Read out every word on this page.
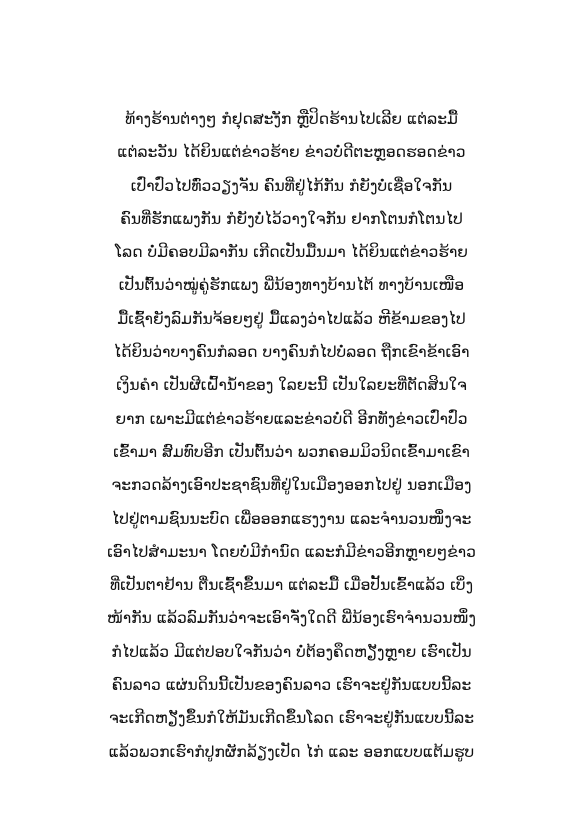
ທ້າງຮ້ານຕ່າງໆ ກໍຢຸດສະງັກ ຫຼືປິດຮ້ານໄປເລີຍ ແຕ່ລະມື້
ແຕ່ລະວັນ ໄດ້ຍິນແຕ່ຂ່າວຮ້າຍ ຂ່າວບໍ່ດີຕະຫຼອດຮອດຂ່າວ
ເປົ່າປົ່ວໄປທົ່ວວຽງຈັນ ຄົນທີ່ຢູ່ໄກ້ກັນ ກໍຍັງບໍ່ເຊື່ອໃຈກັນ
ຄົນທີ່ຮັກແພງກັນ ກໍຍັງບໍ່ໄວ້ວາງໃຈກັນ ຢາກໂຕນກໍໂຕນໄປ
ໂລດ ບໍ່ມີຄອບມີລາກັນ ເກີດເປັນມື້ນມາ ໄດ້ຍິນແຕ່ຂ່າວຮ້າຍ
ເປັນຕົ້ນວ່າໝູ່ຄູ່ຮັກແພງ ພີ່ນ້ອງທາງບ້ານໄຕ້ ທາງບ້ານເໜືອ
ມື້ເຊົ້າຍັງລົມກັນຈ້ອຍໆຢູ່ ມື້ແລງວ່າໄປແລ້ວ ຫີຂ້າມຂອງໄປ
ໄດ້ຍິນວ່າບາງຄົນກໍລອດ ບາງຄົນກໍໄປບໍ່ລອດ ຖືກເຂົາຂ້າເອົາ
ເງິນຄຳ ເປັນຜີເຝົ້ານ້ຳຂອງ ໃລຍະນີ້ ເປັນໃລຍະທີ່ຕັດສິນໃຈ
ຍາກ ເພາະມີແຕ່ຂ່າວຮ້າຍແລະຂ່າວບໍ່ດີ ອີກທັງຂ່າວເປົ່າປົ່ວ
ເຂົ້າມາ ສົມທົບອີກ ເປັນຕົ້ນວ່າ ພວກຄອມມິວນິດເຂົ້າມາເຂົາ
ຈະກວດລ້າງເອົາປະຊາຊົນທີ່ຢູ່ໃນເມືອງອອກໄປຢູ່ ນອກເມືອງ
ໄປຢູ່ຕາມຊົນນະບົດ ເພື່ອອອກແຮງງານ ແລະຈຳນວນໜຶ່ງຈະ
ເອົາໄປສຳມະນາ ໂດຍບໍ່ມີກຳນົດ ແລະກໍມີຂ່າວອີກຫຼາຍໆຂ່າວ
ທີ່ເປັນຕາຢ້ານ ຕື່ນເຊົ້າຂຶ້ນມາ ແຕ່ລະມື້ ເມື່ອປັ້ນເຂົ້າແລ້ວ ເບິ່ງ
ໜ້າກັນ ແລ້ວລົມກັນວ່າຈະເອົາຈັ່ງໃດດີ ພີ່ນ້ອງເຮົາຈຳນວນໜຶ່ງ
ກໍໄປແລ້ວ ມີແຕ່ປອບໃຈກັນວ່າ ບໍ່ຕ້ອງຄຶດຫຽັງຫຼາຍ ເຮົາເປັນ
ຄົນລາວ ແຜ່ນດິນນີ້ເປັນຂອງຄົນລາວ ເຮົາຈະຢູ່ກັນແບບນີ້ລະ
ຈະເກີດຫຽັງຂຶ້ນກໍໃຫ້ມັນເກີດຂຶ້ນໂລດ ເຮົາຈະຢູ່ກັນແບບນີ້ລະ
ແລ້ວພວກເຮົາກໍປູກຜັກລ້ຽງເປັດ ໄກ່ ແລະ ອອກແບບແຕ້ມຮູບ
